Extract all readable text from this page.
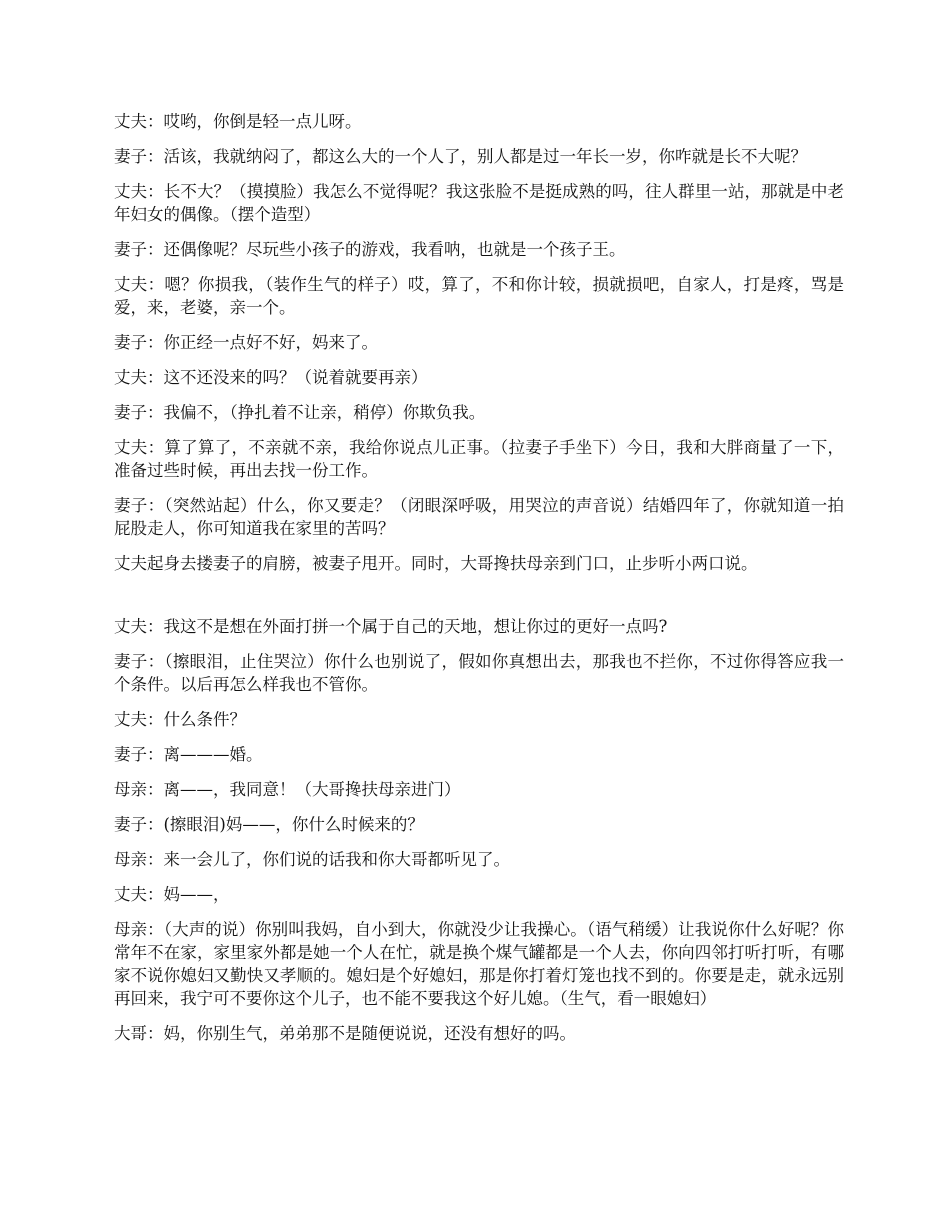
丈夫：哎哟，你倒是轻一点儿呀。

妻子：活该，我就纳闷了，都这么大的一个人了，别人都是过一年长一岁，你咋就是长不大呢？

丈夫：长不大？（摸摸脸）我怎么不觉得呢？我这张脸不是挺成熟的吗，往人群里一站，那就是中老年妇女的偶像。（摆个造型）

妻子：还偶像呢？尽玩些小孩子的游戏，我看呐，也就是一个孩子王。

丈夫：嗯？你损我，（装作生气的样子）哎，算了，不和你计较，损就损吧，自家人，打是疼，骂是爱，来，老婆，亲一个。

妻子：你正经一点好不好，妈来了。

丈夫：这不还没来的吗？（说着就要再亲）

妻子：我偏不，（挣扎着不让亲，稍停）你欺负我。

丈夫：算了算了，不亲就不亲，我给你说点儿正事。（拉妻子手坐下）今日，我和大胖商量了一下，准备过些时候，再出去找一份工作。

妻子：（突然站起）什么，你又要走？（闭眼深呼吸，用哭泣的声音说）结婚四年了，你就知道一拍屁股走人，你可知道我在家里的苦吗？

丈夫起身去搂妻子的肩膀，被妻子甩开。同时，大哥搀扶母亲到门口，止步听小两口说。

丈夫：我这不是想在外面打拼一个属于自己的天地，想让你过的更好一点吗?

妻子：（擦眼泪，止住哭泣）你什么也别说了，假如你真想出去，那我也不拦你，不过你得答应我一个条件。以后再怎么样我也不管你。

丈夫：什么条件？

妻子：离———婚。

母亲：离——，我同意！（大哥搀扶母亲进门）

妻子：(擦眼泪)妈——，你什么时候来的？

母亲：来一会儿了，你们说的话我和你大哥都听见了。

丈夫：妈——，

母亲：（大声的说）你别叫我妈，自小到大，你就没少让我操心。（语气稍缓）让我说你什么好呢？你常年不在家，家里家外都是她一个人在忙，就是换个煤气罐都是一个人去，你向四邻打听打听，有哪家不说你媳妇又勤快又孝顺的。媳妇是个好媳妇，那是你打着灯笼也找不到的。你要是走，就永远别再回来，我宁可不要你这个儿子，也不能不要我这个好儿媳。（生气，看一眼媳妇）

大哥：妈，你别生气，弟弟那不是随便说说，还没有想好的吗。
